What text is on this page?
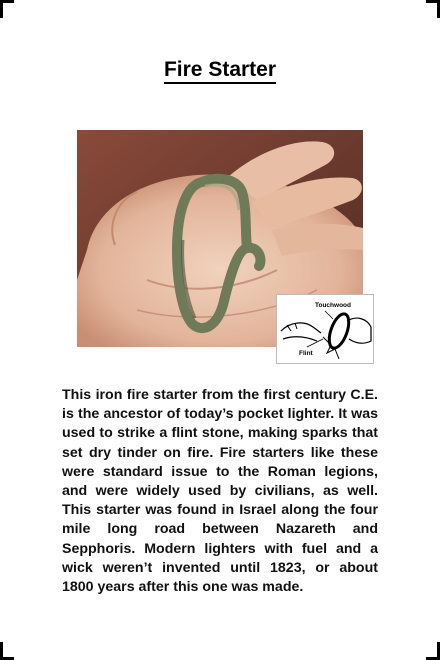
Fire Starter
Touchwood
Flint

This iron fire starter from the first century C.E. is the ancestor of today’s pocket lighter. It was used to strike a flint stone, making sparks that set dry tinder on fire. Fire starters like these were standard issue to the Roman legions, and were widely used by civilians, as well. This starter was found in Israel along the four mile long road between Nazareth and Sepphoris. Modern lighters with fuel and a wick weren’t invented until 1823, or about 1800 years after this one was made.
